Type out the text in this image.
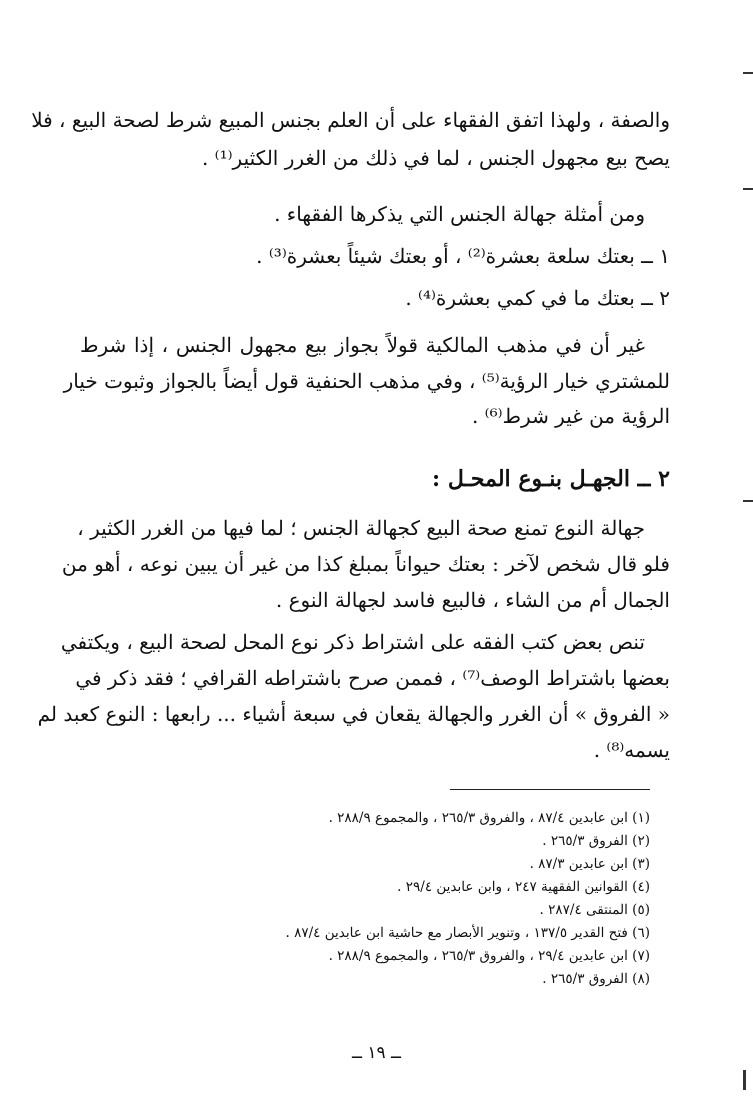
والصفة ، ولهذا اتفق الفقهاء على أن العلم بجنس المبيع شرط لصحة البيع ، فلا
يصح بيع مجهول الجنس ، لما في ذلك من الغرر الكثير⁽¹⁾ .
ومن أمثلة جهالة الجنس التي يذكرها الفقهاء .
١ ــ بعتك سلعة بعشرة⁽²⁾ ، أو بعتك شيئاً بعشرة⁽³⁾ .
٢ ــ بعتك ما في كمي بعشرة⁽⁴⁾ .
غير أن في مذهب المالكية قولاً بجواز بيع مجهول الجنس ، إذا شرط
للمشتري خيار الرؤية⁽⁵⁾ ، وفي مذهب الحنفية قول أيضاً بالجواز وثبوت خيار
الرؤية من غير شرط⁽⁶⁾ .
٢ ــ الجهـل بنـوع المحـل :
جهالة النوع تمنع صحة البيع كجهالة الجنس ؛ لما فيها من الغرر الكثير ،
فلو قال شخص لآخر : بعتك حيواناً بمبلغ كذا من غير أن يبين نوعه ، أهو من
الجمال أم من الشاء ، فالبيع فاسد لجهالة النوع .
تنص بعض كتب الفقه على اشتراط ذكر نوع المحل لصحة البيع ، ويكتفي
بعضها باشتراط الوصف⁽⁷⁾ ، فممن صرح باشتراطه القرافي ؛ فقد ذكر في
« الفروق » أن الغرر والجهالة يقعان في سبعة أشياء ... رابعها : النوع كعبد لم
يسمه⁽⁸⁾ .
(١) ابن عابدين ٨٧/٤ ، والفروق ٢٦٥/٣ ، والمجموع ٢٨٨/٩ .
(٢) الفروق ٢٦٥/٣ .
(٣) ابن عابدين ٨٧/٣ .
(٤) القوانين الفقهية ٢٤٧ ، وابن عابدين ٢٩/٤ .
(٥) المنتقى ٢٨٧/٤ .
(٦) فتح القدير ١٣٧/٥ ، وتنوير الأبصار مع حاشية ابن عابدين ٨٧/٤ .
(٧) ابن عابدين ٢٩/٤ ، والفروق ٢٦٥/٣ ، والمجموع ٢٨٨/٩ .
(٨) الفروق ٢٦٥/٣ .
ــ ١٩ ــ
